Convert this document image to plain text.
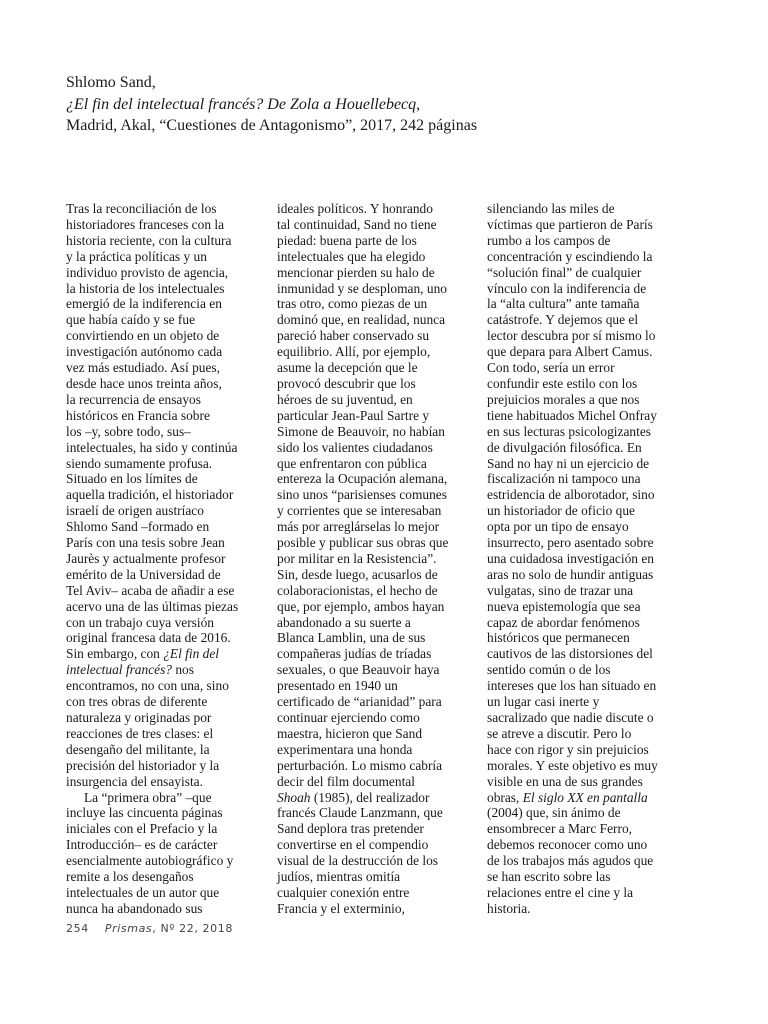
Shlomo Sand,
¿El fin del intelectual francés? De Zola a Houellebecq,
Madrid, Akal, “Cuestiones de Antagonismo”, 2017, 242 páginas
Tras la reconciliación de los
historiadores franceses con la
historia reciente, con la cultura
y la práctica políticas y un
individuo provisto de agencia,
la historia de los intelectuales
emergió de la indiferencia en
que había caído y se fue
convirtiendo en un objeto de
investigación autónomo cada
vez más estudiado. Así pues,
desde hace unos treinta años,
la recurrencia de ensayos
históricos en Francia sobre
los –y, sobre todo, sus–
intelectuales, ha sido y continúa
siendo sumamente profusa.
Situado en los límites de
aquella tradición, el historiador
israelí de origen austríaco
Shlomo Sand –formado en
París con una tesis sobre Jean
Jaurès y actualmente profesor
emérito de la Universidad de
Tel Aviv– acaba de añadir a ese
acervo una de las últimas piezas
con un trabajo cuya versión
original francesa data de 2016.
Sin embargo, con ¿El fin del
intelectual francés? nos
encontramos, no con una, sino
con tres obras de diferente
naturaleza y originadas por
reacciones de tres clases: el
desengaño del militante, la
precisión del historiador y la
insurgencia del ensayista.
La “primera obra” –que
incluye las cincuenta páginas
iniciales con el Prefacio y la
Introducción– es de carácter
esencialmente autobiográfico y
remite a los desengaños
intelectuales de un autor que
nunca ha abandonado sus
ideales políticos. Y honrando
tal continuidad, Sand no tiene
piedad: buena parte de los
intelectuales que ha elegido
mencionar pierden su halo de
inmunidad y se desploman, uno
tras otro, como piezas de un
dominó que, en realidad, nunca
pareció haber conservado su
equilibrio. Allí, por ejemplo,
asume la decepción que le
provocó descubrir que los
héroes de su juventud, en
particular Jean-Paul Sartre y
Simone de Beauvoir, no habían
sido los valientes ciudadanos
que enfrentaron con pública
entereza la Ocupación alemana,
sino unos “parisienses comunes
y corrientes que se interesaban
más por arreglárselas lo mejor
posible y publicar sus obras que
por militar en la Resistencia”.
Sin, desde luego, acusarlos de
colaboracionistas, el hecho de
que, por ejemplo, ambos hayan
abandonado a su suerte a
Blanca Lamblin, una de sus
compañeras judías de tríadas
sexuales, o que Beauvoir haya
presentado en 1940 un
certificado de “arianidad” para
continuar ejerciendo como
maestra, hicieron que Sand
experimentara una honda
perturbación. Lo mismo cabría
decir del film documental
Shoah (1985), del realizador
francés Claude Lanzmann, que
Sand deplora tras pretender
convertirse en el compendio
visual de la destrucción de los
judíos, mientras omitía
cualquier conexión entre
Francia y el exterminio,
silenciando las miles de
víctimas que partieron de París
rumbo a los campos de
concentración y escindiendo la
“solución final” de cualquier
vínculo con la indiferencia de
la “alta cultura” ante tamaña
catástrofe. Y dejemos que el
lector descubra por sí mismo lo
que depara para Albert Camus.
Con todo, sería un error
confundir este estilo con los
prejuicios morales a que nos
tiene habituados Michel Onfray
en sus lecturas psicologizantes
de divulgación filosófica. En
Sand no hay ni un ejercicio de
fiscalización ni tampoco una
estridencia de alborotador, sino
un historiador de oficio que
opta por un tipo de ensayo
insurrecto, pero asentado sobre
una cuidadosa investigación en
aras no solo de hundir antiguas
vulgatas, sino de trazar una
nueva epistemología que sea
capaz de abordar fenómenos
históricos que permanecen
cautivos de las distorsiones del
sentido común o de los
intereses que los han situado en
un lugar casi inerte y
sacralizado que nadie discute o
se atreve a discutir. Pero lo
hace con rigor y sin prejuicios
morales. Y este objetivo es muy
visible en una de sus grandes
obras, El siglo XX en pantalla
(2004) que, sin ánimo de
ensombrecer a Marc Ferro,
debemos reconocer como uno
de los trabajos más agudos que
se han escrito sobre las
relaciones entre el cine y la
historia.
254 Prismas, Nº 22, 2018
